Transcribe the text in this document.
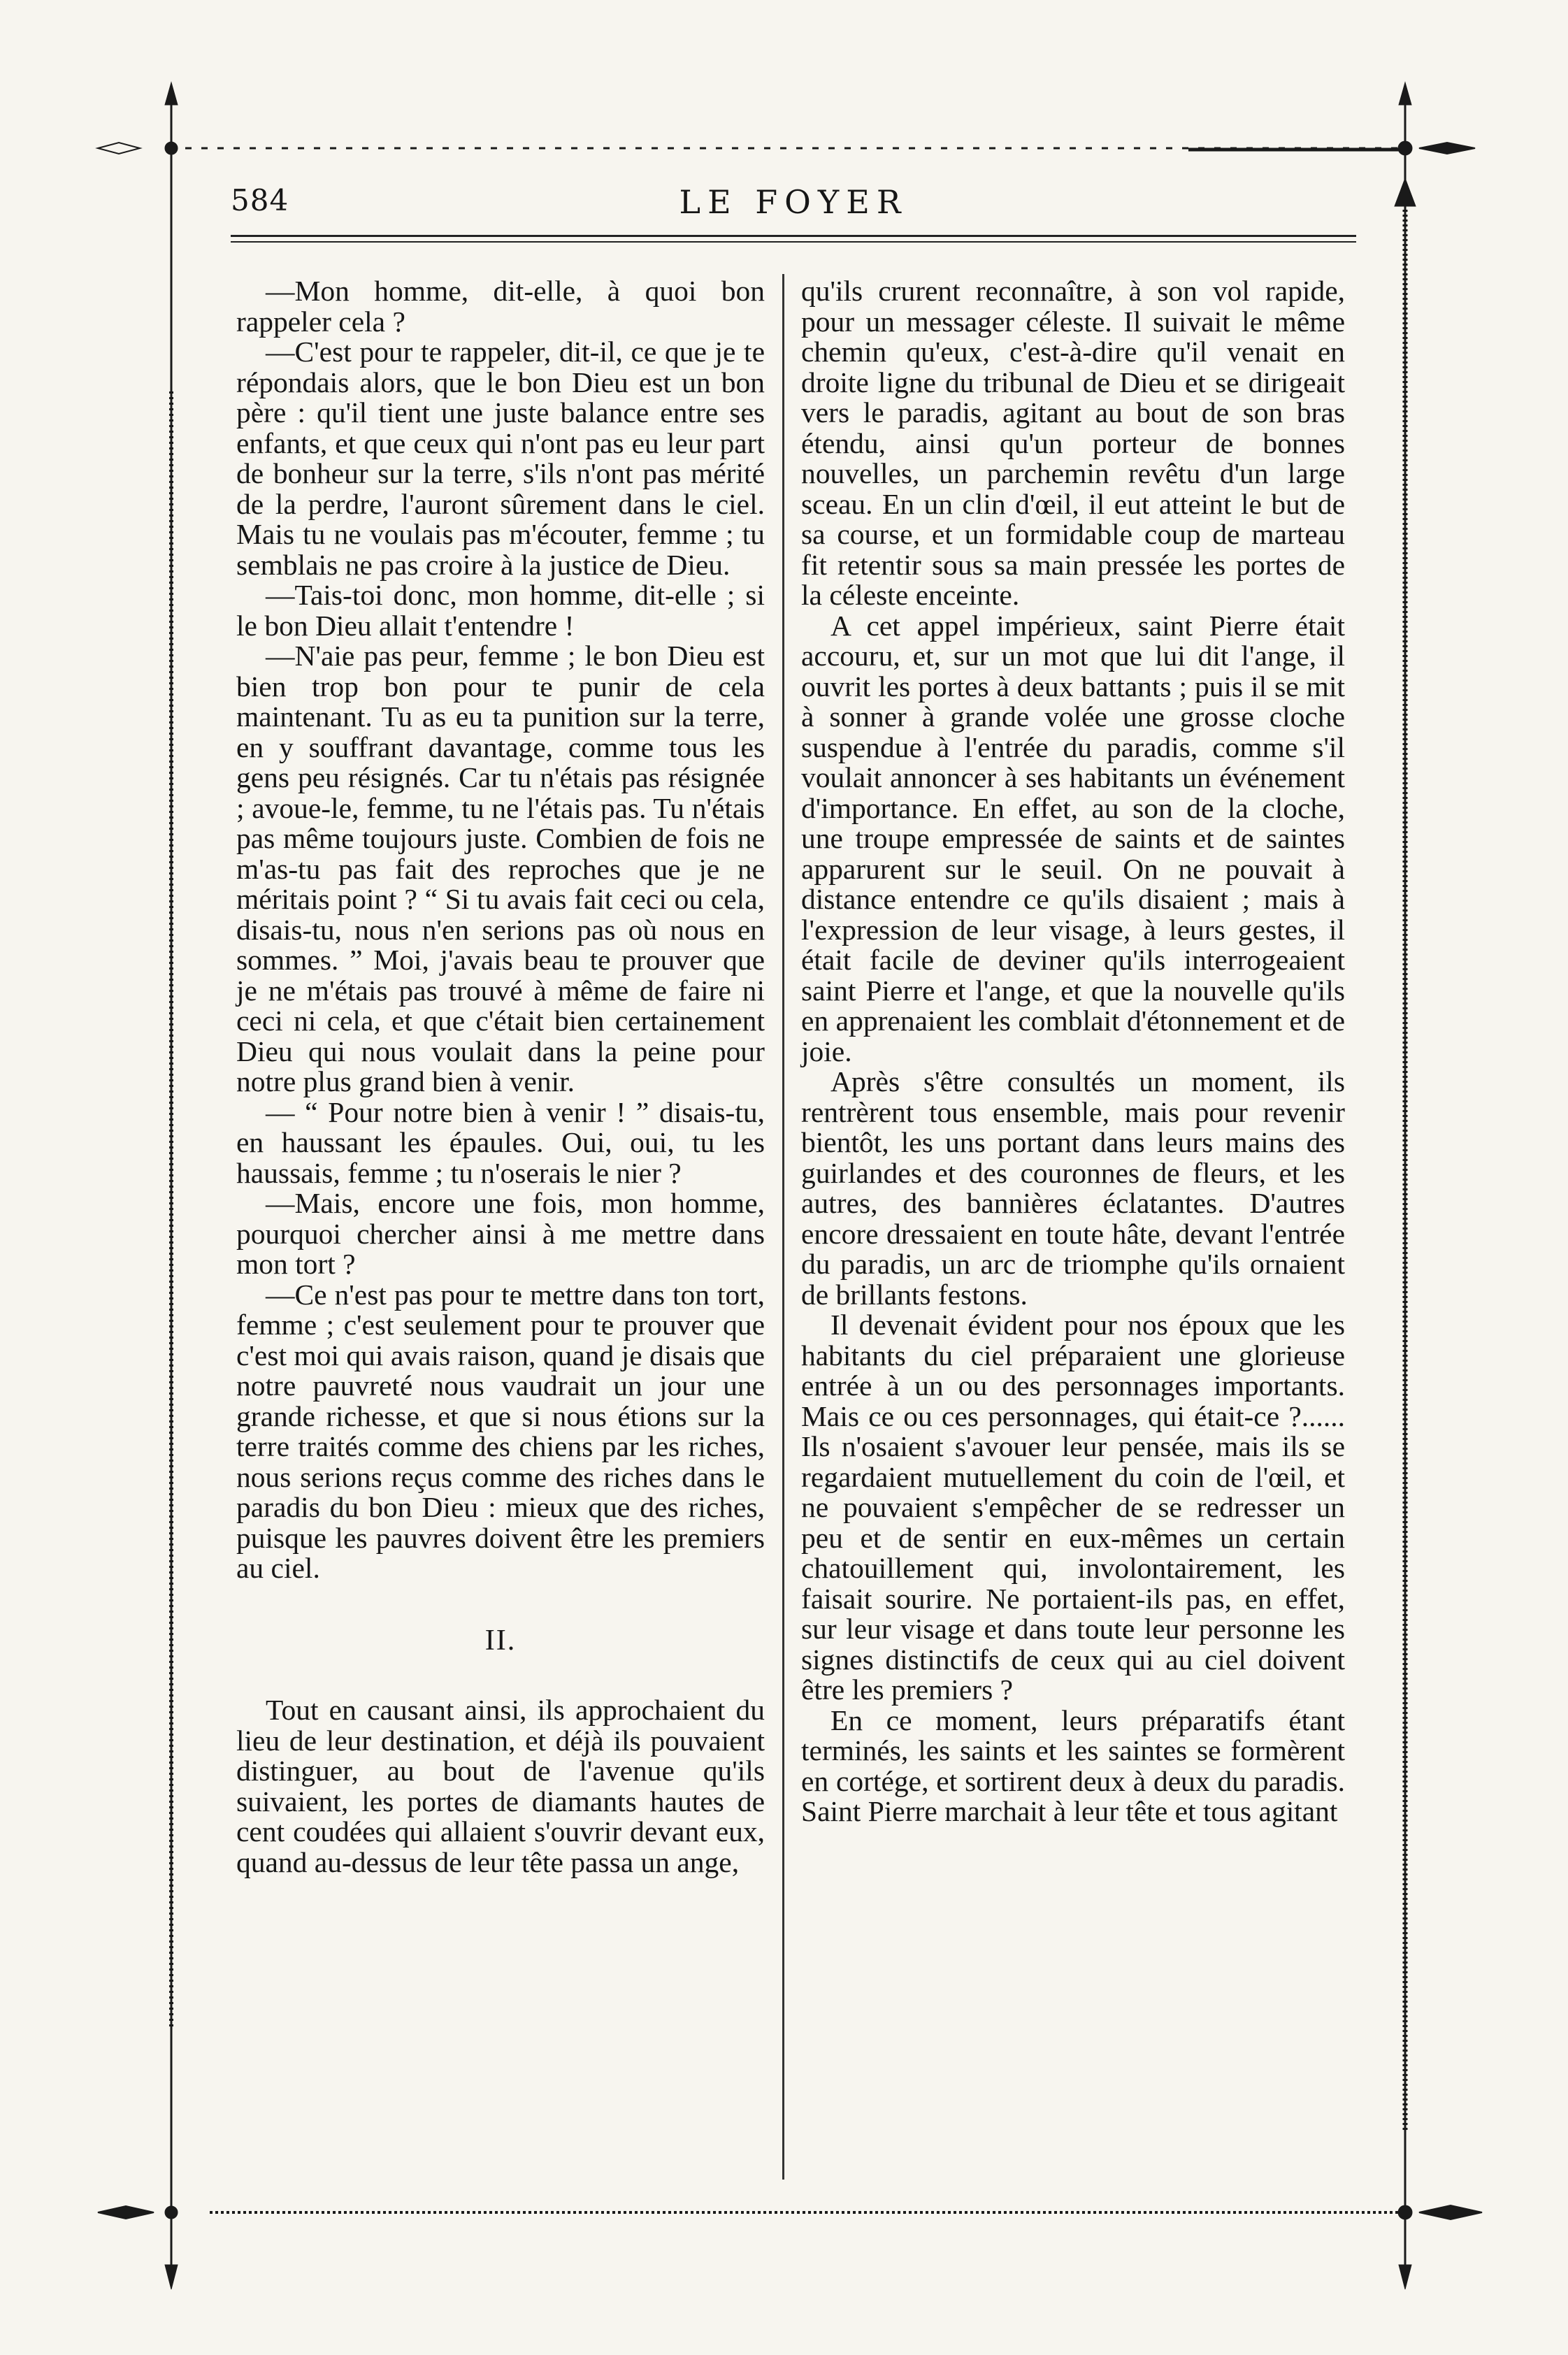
584	LE FOYER

—Mon homme, dit-elle, à quoi bon rappeler cela ?

—C'est pour te rappeler, dit-il, ce que je te répondais alors, que le bon Dieu est un bon père : qu'il tient une juste balance entre ses enfants, et que ceux qui n'ont pas eu leur part de bonheur sur la terre, s'ils n'ont pas mérité de la perdre, l'auront sûrement dans le ciel. Mais tu ne voulais pas m'écouter, femme ; tu semblais ne pas croire à la justice de Dieu.

—Tais-toi donc, mon homme, dit-elle ; si le bon Dieu allait t'entendre !

—N'aie pas peur, femme ; le bon Dieu est bien trop bon pour te punir de cela maintenant. Tu as eu ta punition sur la terre, en y souffrant davantage, comme tous les gens peu résignés. Car tu n'étais pas résignée ; avoue-le, femme, tu ne l'étais pas. Tu n'étais pas même toujours juste. Combien de fois ne m'as-tu pas fait des reproches que je ne méritais point ? “ Si tu avais fait ceci ou cela, disais-tu, nous n'en serions pas où nous en sommes. ” Moi, j'avais beau te prouver que je ne m'étais pas trouvé à même de faire ni ceci ni cela, et que c'était bien certainement Dieu qui nous voulait dans la peine pour notre plus grand bien à venir.

— “ Pour notre bien à venir ! ” disais-tu, en haussant les épaules. Oui, oui, tu les haussais, femme ; tu n'oserais le nier ?

—Mais, encore une fois, mon homme, pourquoi chercher ainsi à me mettre dans mon tort ?

—Ce n'est pas pour te mettre dans ton tort, femme ; c'est seulement pour te prouver que c'est moi qui avais raison, quand je disais que notre pauvreté nous vaudrait un jour une grande richesse, et que si nous étions sur la terre traités comme des chiens par les riches, nous serions reçus comme des riches dans le paradis du bon Dieu : mieux que des riches, puisque les pauvres doivent être les premiers au ciel.

II.

Tout en causant ainsi, ils approchaient du lieu de leur destination, et déjà ils pouvaient distinguer, au bout de l'avenue qu'ils suivaient, les portes de diamants hautes de cent coudées qui allaient s'ouvrir devant eux, quand au-dessus de leur tête passa un ange,

qu'ils crurent reconnaître, à son vol rapide, pour un messager céleste. Il suivait le même chemin qu'eux, c'est-à-dire qu'il venait en droite ligne du tribunal de Dieu et se dirigeait vers le paradis, agitant au bout de son bras étendu, ainsi qu'un porteur de bonnes nouvelles, un parchemin revêtu d'un large sceau. En un clin d'œil, il eut atteint le but de sa course, et un formidable coup de marteau fit retentir sous sa main pressée les portes de la céleste enceinte.

A cet appel impérieux, saint Pierre était accouru, et, sur un mot que lui dit l'ange, il ouvrit les portes à deux battants ; puis il se mit à sonner à grande volée une grosse cloche suspendue à l'entrée du paradis, comme s'il voulait annoncer à ses habitants un événement d'importance. En effet, au son de la cloche, une troupe empressée de saints et de saintes apparurent sur le seuil. On ne pouvait à distance entendre ce qu'ils disaient ; mais à l'expression de leur visage, à leurs gestes, il était facile de deviner qu'ils interrogeaient saint Pierre et l'ange, et que la nouvelle qu'ils en apprenaient les comblait d'étonnement et de joie.

Après s'être consultés un moment, ils rentrèrent tous ensemble, mais pour revenir bientôt, les uns portant dans leurs mains des guirlandes et des couronnes de fleurs, et les autres, des bannières éclatantes. D'autres encore dressaient en toute hâte, devant l'entrée du paradis, un arc de triomphe qu'ils ornaient de brillants festons.

Il devenait évident pour nos époux que les habitants du ciel préparaient une glorieuse entrée à un ou des personnages importants. Mais ce ou ces personnages, qui était-ce ?...... Ils n'osaient s'avouer leur pensée, mais ils se regardaient mutuellement du coin de l'œil, et ne pouvaient s'empêcher de se redresser un peu et de sentir en eux-mêmes un certain chatouillement qui, involontairement, les faisait sourire. Ne portaient-ils pas, en effet, sur leur visage et dans toute leur personne les signes distinctifs de ceux qui au ciel doivent être les premiers ?

En ce moment, leurs préparatifs étant terminés, les saints et les saintes se formèrent en cortége, et sortirent deux à deux du paradis. Saint Pierre marchait à leur tête et tous agitant
